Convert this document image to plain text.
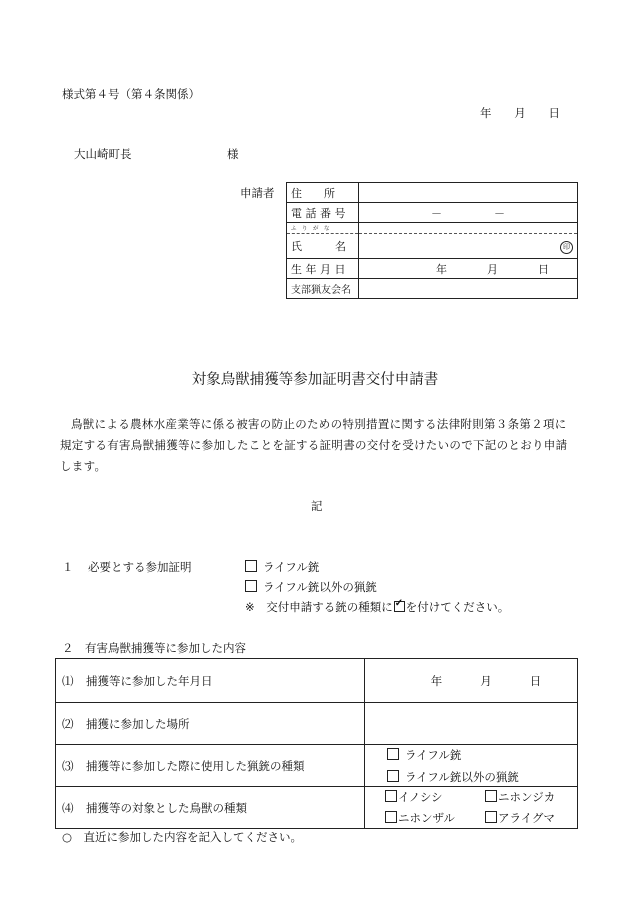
様式第４号（第４条関係）
年 月 日
大山崎町長	様
申請者 住　　所	
電 話 番 号	－ －

ふ　り　が　な	
氏　　　名	印
生 年 月 日	年 月 日

支部猟友会名	
対象鳥獣捕獲等参加証明書交付申請書
鳥獣による農林水産業等に係る被害の防止のための特別措置に関する法律附則第３条第２項に規定する有害鳥獣捕獲等に参加したことを証する証明書の交付を受けたいので下記のとおり申請します。
記
１ 必要とする参加証明	ライフル銃
ライフル銃以外の猟銃
※ 交付申請する銃の種類に ✓ を付けてください。
２　有害鳥獣捕獲等に参加した内容
⑴ 捕獲等に参加した年月日	年 月 日

⑵ 捕獲に参加した場所	
⑶ 捕獲等に参加した際に使用した猟銃の種類	ライフル銃
ライフル銃以外の猟銃

⑷ 捕獲等の対象とした鳥獣の種類	イノシシ ニホンジカ
ニホンザル アライグマ
○　直近に参加した内容を記入してください。
